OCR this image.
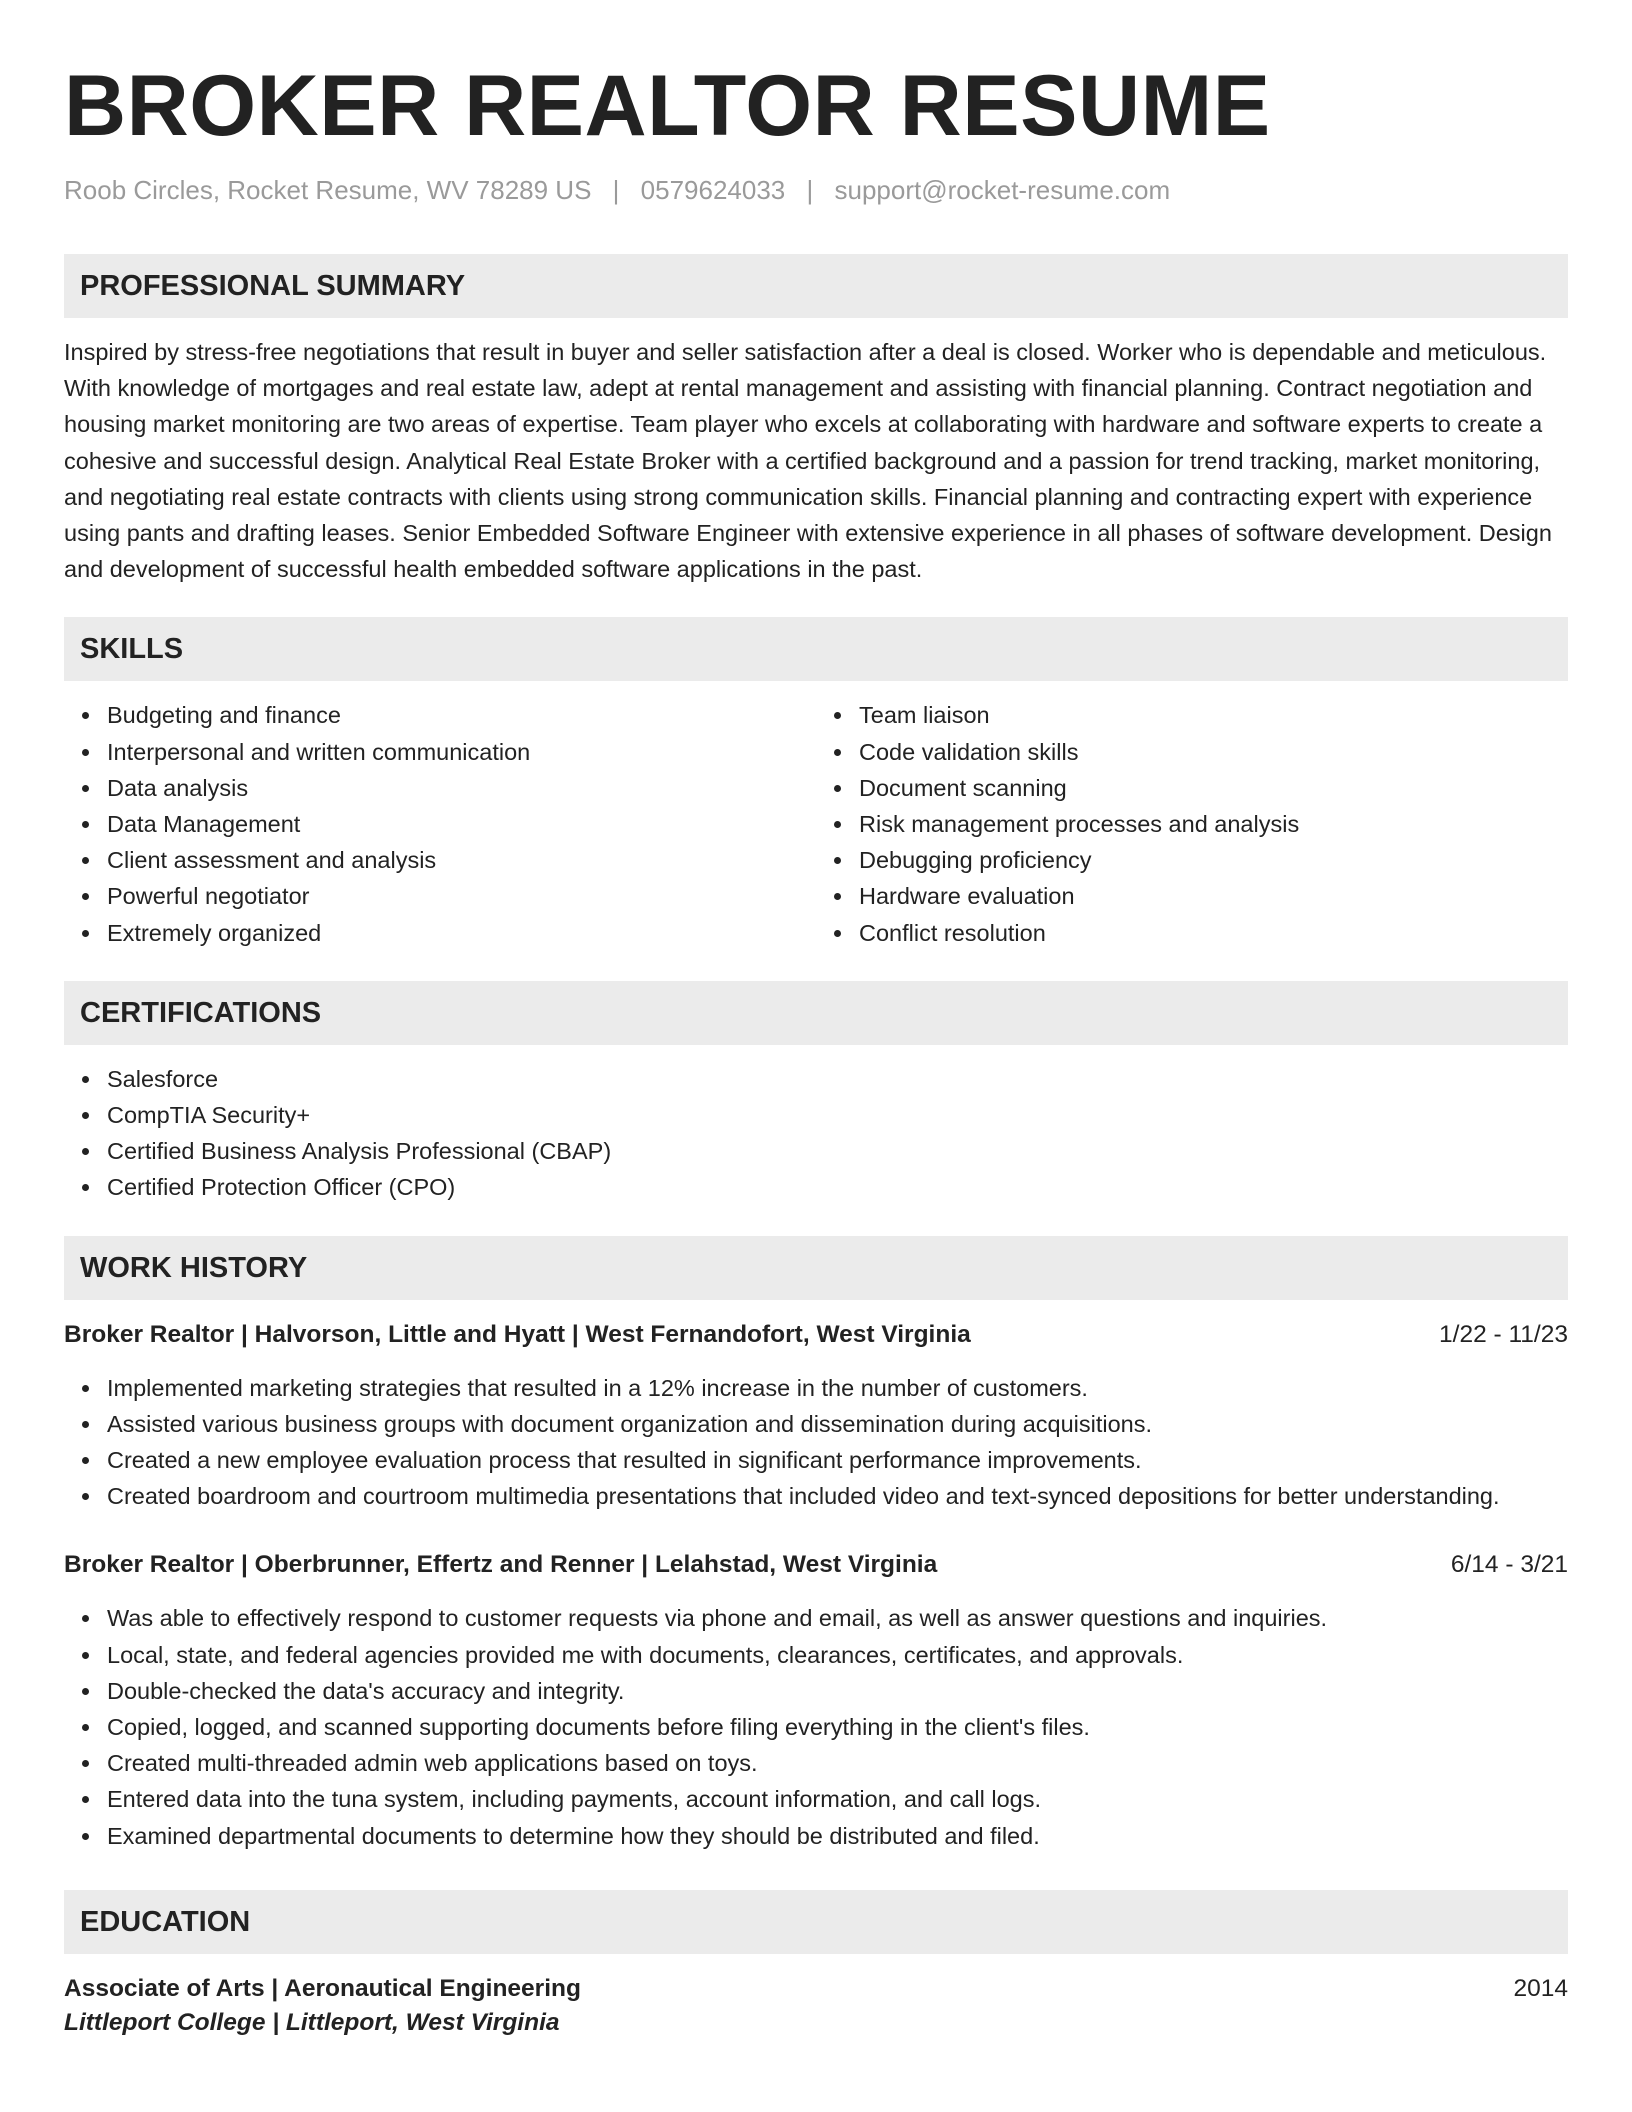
BROKER REALTOR RESUME
Roob Circles, Rocket Resume, WV 78289 US | 0579624033 | support@rocket-resume.com
PROFESSIONAL SUMMARY

Inspired by stress-free negotiations that result in buyer and seller satisfaction after a deal is closed. Worker who is dependable and meticulous. With knowledge of mortgages and real estate law, adept at rental management and assisting with financial planning. Contract negotiation and housing market monitoring are two areas of expertise. Team player who excels at collaborating with hardware and software experts to create a cohesive and successful design. Analytical Real Estate Broker with a certified background and a passion for trend tracking, market monitoring, and negotiating real estate contracts with clients using strong communication skills. Financial planning and contracting expert with experience using pants and drafting leases. Senior Embedded Software Engineer with extensive experience in all phases of software development. Design and development of successful health embedded software applications in the past.

SKILLS
Budgeting and finance
Interpersonal and written communication
Data analysis
Data Management
Client assessment and analysis
Powerful negotiator
Extremely organized
Team liaison
Code validation skills
Document scanning
Risk management processes and analysis
Debugging proficiency
Hardware evaluation
Conflict resolution
CERTIFICATIONS
Salesforce
CompTIA Security+
Certified Business Analysis Professional (CBAP)
Certified Protection Officer (CPO)
WORK HISTORY
Broker Realtor | Halvorson, Little and Hyatt | West Fernandofort, West Virginia	1/22 - 11/23
Implemented marketing strategies that resulted in a 12% increase in the number of customers.
Assisted various business groups with document organization and dissemination during acquisitions.
Created a new employee evaluation process that resulted in significant performance improvements.
Created boardroom and courtroom multimedia presentations that included video and text-synced depositions for better understanding.
Broker Realtor | Oberbrunner, Effertz and Renner | Lelahstad, West Virginia	6/14 - 3/21
Was able to effectively respond to customer requests via phone and email, as well as answer questions and inquiries.
Local, state, and federal agencies provided me with documents, clearances, certificates, and approvals.
Double-checked the data's accuracy and integrity.
Copied, logged, and scanned supporting documents before filing everything in the client's files.
Created multi-threaded admin web applications based on toys.
Entered data into the tuna system, including payments, account information, and call logs.
Examined departmental documents to determine how they should be distributed and filed.
EDUCATION
Associate of Arts | Aeronautical Engineering	2014
Littleport College | Littleport, West Virginia
